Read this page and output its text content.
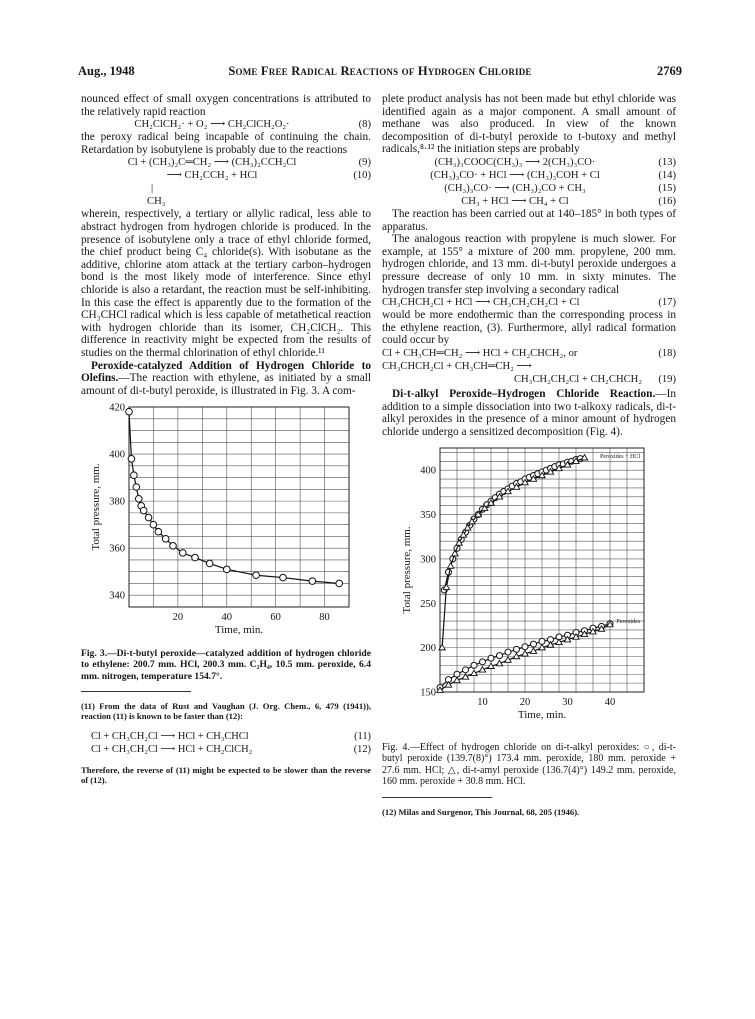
Aug., 1948	Some Free Radical Reactions of Hydrogen Chloride	2769

nounced effect of small oxygen concentrations is attributed to the relatively rapid reaction

CH₂ClCH₂· + O₂ ⟶ CH₂ClCH₂O₂·	(8)

the peroxy radical being incapable of continuing the chain. Retardation by isobutylene is probably due to the reactions

Cl + (CH₃)₂C═CH₂ ⟶ (CH₃)₂CCH₂Cl	(9)
⟶ CH₂CCH₂ + HCl	(10)
|
CH₃

wherein, respectively, a tertiary or allylic radical, less able to abstract hydrogen from hydrogen chloride is produced. In the presence of isobutylene only a trace of ethyl chloride formed, the chief product being C₄ chloride(s). With isobutane as the additive, chlorine atom attack at the tertiary carbon–hydrogen bond is the most likely mode of interference. Since ethyl chloride is also a retardant, the reaction must be self-inhibiting. In this case the effect is apparently due to the formation of the CH₃CHCl radical which is less capable of metathetical reaction with hydrogen chloride than its isomer, CH₂ClCH₂. This difference in reactivity might be expected from the results of studies on the thermal chlorination of ethyl chloride.¹¹

Peroxide-catalyzed Addition of Hydrogen Chloride to Olefins.—The reaction with ethylene, as initiated by a small amount of di-t-butyl peroxide, is illustrated in Fig. 3. A com-

20	40	60	80
340
360
380
400
420
Time, min.
Total pressure, mm.

Fig. 3.—Di-t-butyl peroxide—catalyzed addition of hydrogen chloride to ethylene: 200.7 mm. HCl, 200.3 mm. C₂H₄, 10.5 mm. peroxide, 6.4 mm. nitrogen, temperature 154.7°.

(11) From the data of Rust and Vaughan (J. Org. Chem., 6, 479 (1941)), reaction (11) is known to be faster than (12):

Cl + CH₃CH₂Cl ⟶ HCl + CH₃CHCl	(11)
Cl + CH₃CH₂Cl ⟶ HCl + CH₂ClCH₂	(12)

Therefore, the reverse of (11) might be expected to be slower than the reverse of (12).

plete product analysis has not been made but ethyl chloride was identified again as a major component. A small amount of methane was also produced. In view of the known decomposition of di-t-butyl peroxide to t-butoxy and methyl radicals,⁸·¹² the initiation steps are probably

(CH₃)₃COOC(CH₃)₃ ⟶ 2(CH₃)₃CO·	(13)
(CH₃)₃CO· + HCl ⟶ (CH₃)₃COH + Cl	(14)
(CH₃)₃CO· ⟶ (CH₃)₂CO + CH₃	(15)
CH₃ + HCl ⟶ CH₄ + Cl	(16)

The reaction has been carried out at 140–185° in both types of apparatus.

The analogous reaction with propylene is much slower. For example, at 155° a mixture of 200 mm. propylene, 200 mm. hydrogen chloride, and 13 mm. di-t-butyl peroxide undergoes a pressure decrease of only 10 mm. in sixty minutes. The hydrogen transfer step involving a secondary radical

CH₃CHCH₂Cl + HCl ⟶ CH₃CH₂CH₂Cl + Cl	(17)

would be more endothermic than the corresponding process in the ethylene reaction, (3). Furthermore, allyl radical formation could occur by

Cl + CH₃CH═CH₂ ⟶ HCl + CH₂CHCH₂, or	(18)
CH₃CHCH₂Cl + CH₃CH═CH₂ ⟶
CH₃CH₂CH₂Cl + CH₂CHCH₂	(19)

Di-t-alkyl Peroxide–Hydrogen Chloride Reaction.—In addition to a simple dissociation into two t-alkoxy radicals, di-t-alkyl peroxides in the presence of a minor amount of hydrogen chloride undergo a sensitized decomposition (Fig. 4).

10	20	30	40
150
200
250
300
350
400
Time, min.
Total pressure, mm.
Peroxides + HCl
Peroxides

Fig. 4.—Effect of hydrogen chloride on di-t-alkyl peroxides: ○, di-t-butyl peroxide (139.7(8)°) 173.4 mm. peroxide, 180 mm. peroxide + 27.6 mm. HCl; △, di-t-amyl peroxide (136.7(4)°) 149.2 mm. peroxide, 160 mm. peroxide + 30.8 mm. HCl.

(12) Milas and Surgenor, This Journal, 68, 205 (1946).
